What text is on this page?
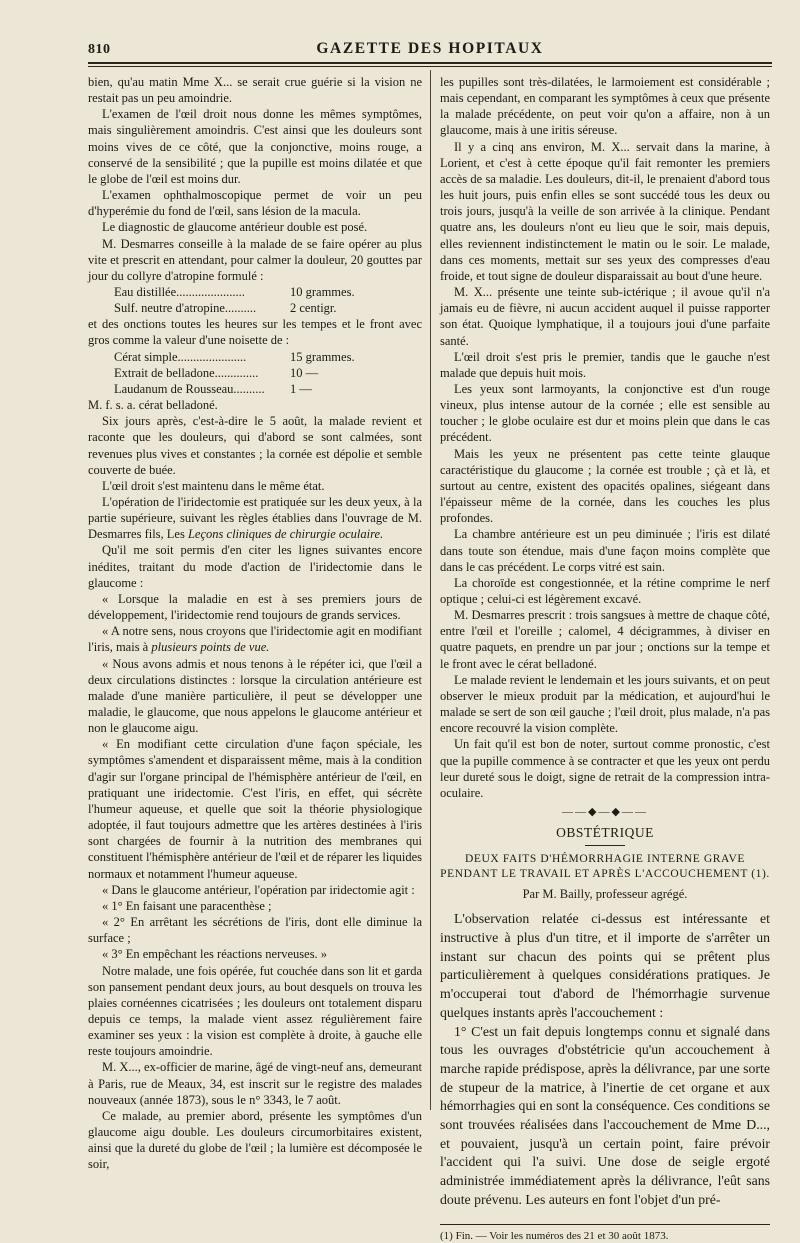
810	GAZETTE DES HOPITAUX

bien, qu'au matin Mme X... se serait crue guérie si la vision ne restait pas un peu amoindrie.

L'examen de l'œil droit nous donne les mêmes symptômes, mais singulièrement amoindris. C'est ainsi que les douleurs sont moins vives de ce côté, que la conjonctive, moins rouge, a conservé de la sensibilité ; que la pupille est moins dilatée et que le globe de l'œil est moins dur.

L'examen ophthalmoscopique permet de voir un peu d'hyperémie du fond de l'œil, sans lésion de la macula.

Le diagnostic de glaucome antérieur double est posé.

M. Desmarres conseille à la malade de se faire opérer au plus vite et prescrit en attendant, pour calmer la douleur, 20 gouttes par jour du collyre d'atropine formulé :

Eau distillée......................	10 grammes.
Sulf. neutre d'atropine..........	2 centigr.

et des onctions toutes les heures sur les tempes et le front avec gros comme la valeur d'une noisette de :

Cérat simple......................	15 grammes.
Extrait de belladone..............	10 —
Laudanum de Rousseau..........	1 —

M. f. s. a. cérat belladoné.

Six jours après, c'est-à-dire le 5 août, la malade revient et raconte que les douleurs, qui d'abord se sont calmées, sont revenues plus vives et constantes ; la cornée est dépolie et semble couverte de buée.

L'œil droit s'est maintenu dans le même état.

L'opération de l'iridectomie est pratiquée sur les deux yeux, à la partie supérieure, suivant les règles établies dans l'ouvrage de M. Desmarres fils, Les Leçons cliniques de chirurgie oculaire.

Qu'il me soit permis d'en citer les lignes suivantes encore inédites, traitant du mode d'action de l'iridectomie dans le glaucome :

« Lorsque la maladie en est à ses premiers jours de développement, l'iridectomie rend toujours de grands services.

« A notre sens, nous croyons que l'iridectomie agit en modifiant l'iris, mais à plusieurs points de vue.

« Nous avons admis et nous tenons à le répéter ici, que l'œil a deux circulations distinctes : lorsque la circulation antérieure est malade d'une manière particulière, il peut se développer une maladie, le glaucome, que nous appelons le glaucome antérieur et non le glaucome aigu.

« En modifiant cette circulation d'une façon spéciale, les symptômes s'amendent et disparaissent même, mais à la condition d'agir sur l'organe principal de l'hémisphère antérieur de l'œil, en pratiquant une iridectomie. C'est l'iris, en effet, qui sécrète l'humeur aqueuse, et quelle que soit la théorie physiologique adoptée, il faut toujours admettre que les artères destinées à l'iris sont chargées de fournir à la nutrition des membranes qui constituent l'hémisphère antérieur de l'œil et de réparer les liquides normaux et notamment l'humeur aqueuse.

« Dans le glaucome antérieur, l'opération par iridectomie agit :

« 1° En faisant une paracenthèse ;

« 2° En arrêtant les sécrétions de l'iris, dont elle diminue la surface ;

« 3° En empêchant les réactions nerveuses. »

Notre malade, une fois opérée, fut couchée dans son lit et garda son pansement pendant deux jours, au bout desquels on trouva les plaies cornéennes cicatrisées ; les douleurs ont totalement disparu depuis ce temps, la malade vient assez régulièrement faire examiner ses yeux : la vision est complète à droite, à gauche elle reste toujours amoindrie.

M. X..., ex-officier de marine, âgé de vingt-neuf ans, demeurant à Paris, rue de Meaux, 34, est inscrit sur le registre des malades nouveaux (année 1873), sous le n° 3343, le 7 août.

Ce malade, au premier abord, présente les symptômes d'un glaucome aigu double. Les douleurs circumorbitaires existent, ainsi que la dureté du globe de l'œil ; la lumière est décomposée le soir,

les pupilles sont très-dilatées, le larmoiement est considérable ; mais cependant, en comparant les symptômes à ceux que présente la malade précédente, on peut voir qu'on a affaire, non à un glaucome, mais à une iritis séreuse.

Il y a cinq ans environ, M. X... servait dans la marine, à Lorient, et c'est à cette époque qu'il fait remonter les premiers accès de sa maladie. Les douleurs, dit-il, le prenaient d'abord tous les huit jours, puis enfin elles se sont succédé tous les deux ou trois jours, jusqu'à la veille de son arrivée à la clinique. Pendant quatre ans, les douleurs n'ont eu lieu que le soir, mais depuis, elles reviennent indistinctement le matin ou le soir. Le malade, dans ces moments, mettait sur ses yeux des compresses d'eau froide, et tout signe de douleur disparaissait au bout d'une heure.

M. X... présente une teinte sub-ictérique ; il avoue qu'il n'a jamais eu de fièvre, ni aucun accident auquel il puisse rapporter son état. Quoique lymphatique, il a toujours joui d'une parfaite santé.

L'œil droit s'est pris le premier, tandis que le gauche n'est malade que depuis huit mois.

Les yeux sont larmoyants, la conjonctive est d'un rouge vineux, plus intense autour de la cornée ; elle est sensible au toucher ; le globe oculaire est dur et moins plein que dans le cas précédent.

Mais les yeux ne présentent pas cette teinte glauque caractéristique du glaucome ; la cornée est trouble ; çà et là, et surtout au centre, existent des opacités opalines, siégeant dans l'épaisseur même de la cornée, dans les couches les plus profondes.

La chambre antérieure est un peu diminuée ; l'iris est dilaté dans toute son étendue, mais d'une façon moins complète que dans le cas précédent. Le corps vitré est sain.

La choroïde est congestionnée, et la rétine comprime le nerf optique ; celui-ci est légèrement excavé.

M. Desmarres prescrit : trois sangsues à mettre de chaque côté, entre l'œil et l'oreille ; calomel, 4 décigrammes, à diviser en quatre paquets, en prendre un par jour ; onctions sur la tempe et le front avec le cérat belladoné.

Le malade revient le lendemain et les jours suivants, et on peut observer le mieux produit par la médication, et aujourd'hui le malade se sert de son œil gauche ; l'œil droit, plus malade, n'a pas encore recouvré la vision complète.

Un fait qu'il est bon de noter, surtout comme pronostic, c'est que la pupille commence à se contracter et que les yeux ont perdu leur dureté sous le doigt, signe de retrait de la compression intra-oculaire.

——◆—◆——
OBSTÉTRIQUE
DEUX FAITS D'HÉMORRHAGIE INTERNE GRAVE PENDANT LE TRAVAIL ET APRÈS L'ACCOUCHEMENT (1).
Par M. Bailly, professeur agrégé.

L'observation relatée ci-dessus est intéressante et instructive à plus d'un titre, et il importe de s'arrêter un instant sur chacun des points qui se prêtent plus particulièrement à quelques considérations pratiques. Je m'occuperai tout d'abord de l'hémorrhagie survenue quelques instants après l'accouchement :

1° C'est un fait depuis longtemps connu et signalé dans tous les ouvrages d'obstétricie qu'un accouchement à marche rapide prédispose, après la délivrance, par une sorte de stupeur de la matrice, à l'inertie de cet organe et aux hémorrhagies qui en sont la conséquence. Ces conditions se sont trouvées réalisées dans l'accouchement de Mme D..., et pouvaient, jusqu'à un certain point, faire prévoir l'accident qui l'a suivi. Une dose de seigle ergoté administrée immédiatement après la délivrance, l'eût sans doute prévenu. Les auteurs en font l'objet d'un pré-

(1) Fin. — Voir les numéros des 21 et 30 août 1873.
